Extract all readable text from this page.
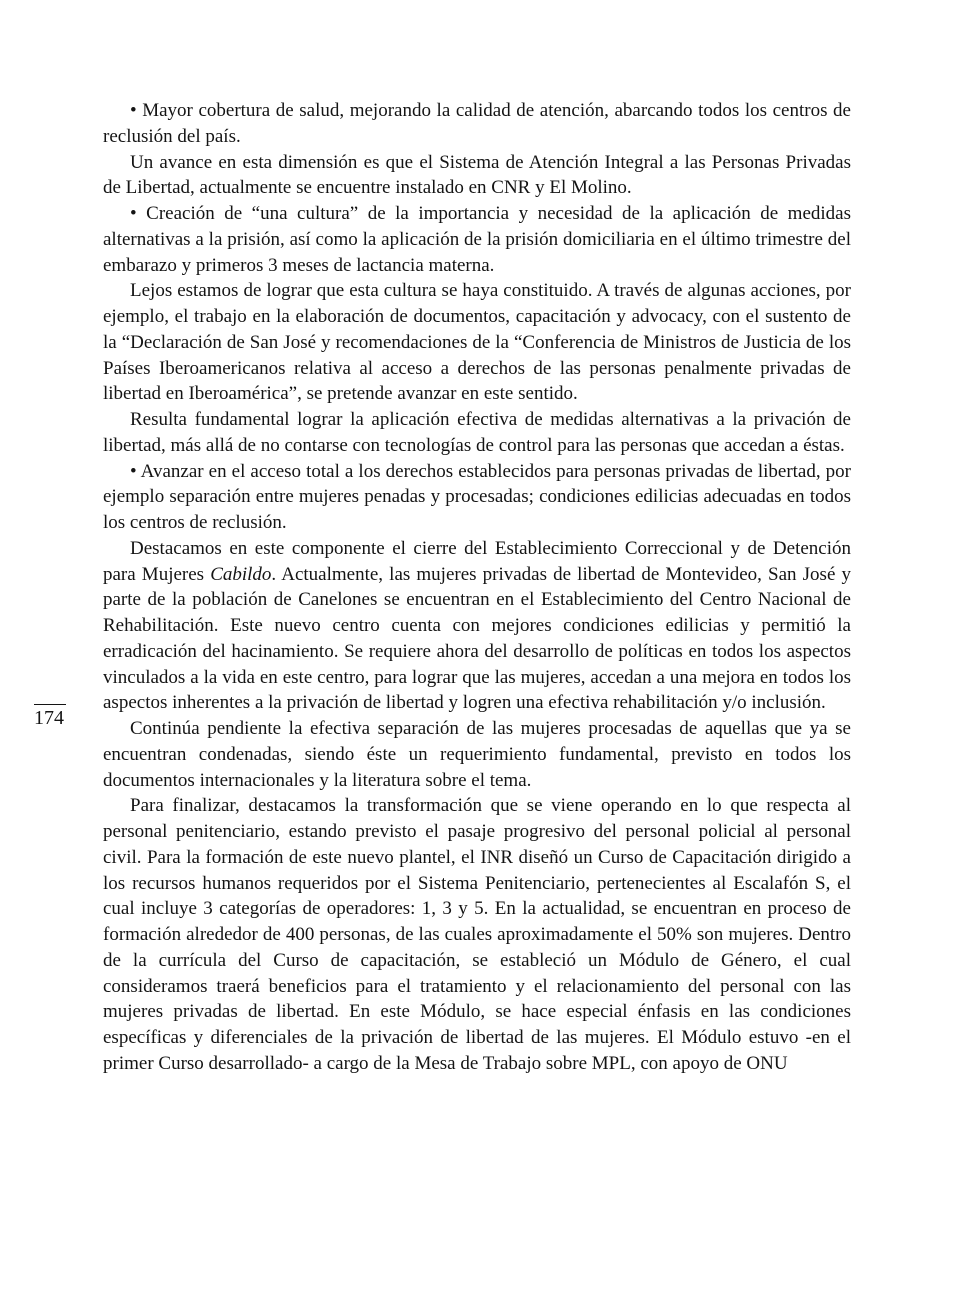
174

• Mayor cobertura de salud, mejorando la calidad de atención, abarcando todos los centros de reclusión del país.

Un avance en esta dimensión es que el Sistema de Atención Integral a las Personas Privadas de Libertad, actualmente se encuentre instalado en CNR y El Molino.

• Creación de “una cultura” de la importancia y necesidad de la aplicación de medidas alternativas a la prisión, así como la aplicación de la prisión domiciliaria en el último trimestre del embarazo y primeros 3 meses de lactancia materna.

Lejos estamos de lograr que esta cultura se haya constituido. A través de algunas acciones, por ejemplo, el trabajo en la elaboración de documentos, capacitación y advocacy, con el sustento de la “Declaración de San José y recomendaciones de la “Conferencia de Ministros de Justicia de los Países Iberoamericanos relativa al acceso a derechos de las personas penalmente privadas de libertad en Iberoamérica”, se pretende avanzar en este sentido.

Resulta fundamental lograr la aplicación efectiva de medidas alternativas a la privación de libertad, más allá de no contarse con tecnologías de control para las personas que accedan a éstas.

• Avanzar en el acceso total a los derechos establecidos para personas privadas de libertad, por ejemplo separación entre mujeres penadas y procesadas; condiciones edilicias adecuadas en todos los centros de reclusión.

Destacamos en este componente el cierre del Establecimiento Correccional y de Detención para Mujeres Cabildo. Actualmente, las mujeres privadas de libertad de Montevideo, San José y parte de la población de Canelones se encuentran en el Establecimiento del Centro Nacional de Rehabilitación. Este nuevo centro cuenta con mejores condiciones edilicias y permitió la erradicación del hacinamiento. Se requiere ahora del desarrollo de políticas en todos los aspectos vinculados a la vida en este centro, para lograr que las mujeres, accedan a una mejora en todos los aspectos inherentes a la privación de libertad y logren una efectiva rehabilitación y/o inclusión.

Continúa pendiente la efectiva separación de las mujeres procesadas de aquellas que ya se encuentran condenadas, siendo éste un requerimiento fundamental, previsto en todos los documentos internacionales y la literatura sobre el tema.

Para finalizar, destacamos la transformación que se viene operando en lo que respecta al personal penitenciario, estando previsto el pasaje progresivo del personal policial al personal civil. Para la formación de este nuevo plantel, el INR diseñó un Curso de Capacitación dirigido a los recursos humanos requeridos por el Sistema Penitenciario, pertenecientes al Escalafón S, el cual incluye 3 categorías de operadores: 1, 3 y 5. En la actualidad, se encuentran en proceso de formación alrededor de 400 personas, de las cuales aproximadamente el 50% son mujeres. Dentro de la currícula del Curso de capacitación, se estableció un Módulo de Género, el cual consideramos traerá beneficios para el tratamiento y el relacionamiento del personal con las mujeres privadas de libertad. En este Módulo, se hace especial énfasis en las condiciones específicas y diferenciales de la privación de libertad de las mujeres. El Módulo estuvo -en el primer Curso desarrollado- a cargo de la Mesa de Trabajo sobre MPL, con apoyo de ONU
